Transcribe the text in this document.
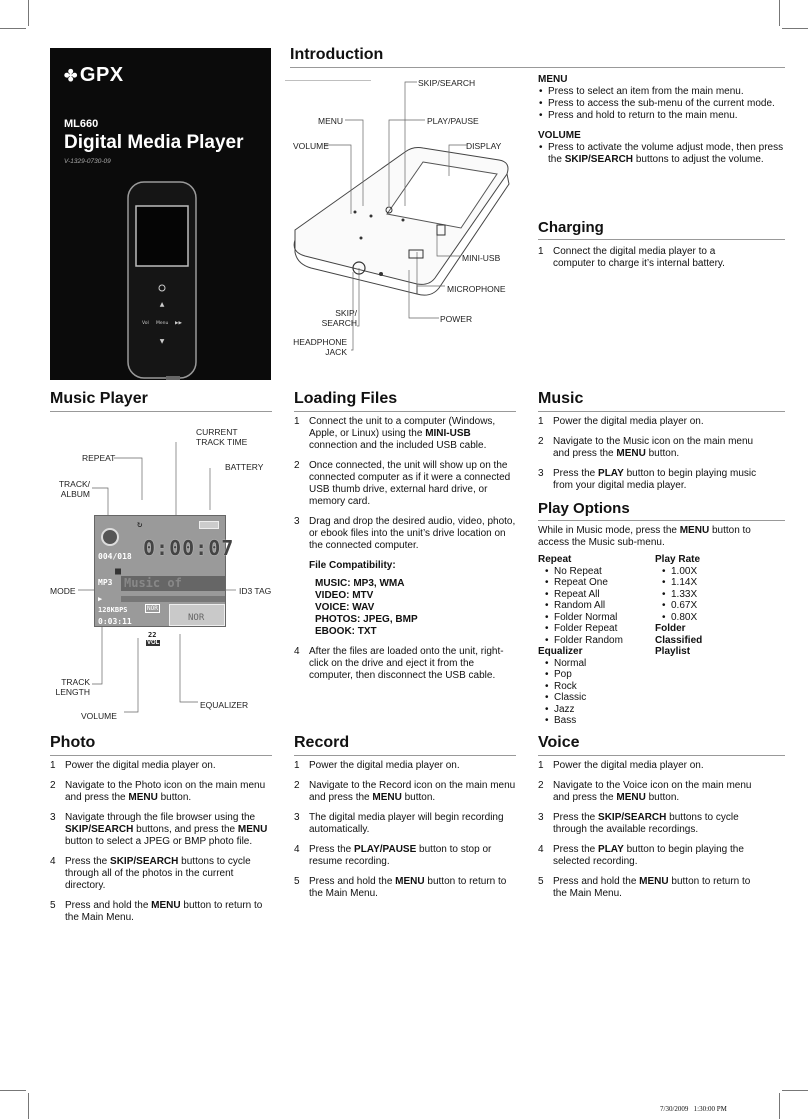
✤ GPX
ML660
Digital Media Player
V-1329-0730-09
▲
Vol Menu ▶▶
▼
Introduction
SKIP/SEARCH
MENU	PLAY/PAUSE
VOLUME	DISPLAY
MINI-USB
MICROPHONE
SKIP/
SEARCH	POWER
HEADPHONE
JACK
MENU
• Press to select an item from the main menu.
• Press to access the sub-menu of the current mode.
• Press and hold to return to the main menu.
VOLUME
• Press to activate the volume adjust mode, then press the SKIP/SEARCH buttons to adjust the volume.
Charging
1 Connect the digital media player to a computer to charge it’s internal battery.
Music Player
CURRENT
TRACK TIME
REPEAT
BATTERY
TRACK/
ALBUM
MODE	ID3 TAG
TRACK
LENGTH
EQUALIZER
VOLUME
↻
0:00:07
004/018
■
MP3 Music of
▶
128KBPS	NOR
0:03:11	NOR
22
VOL
Loading Files
1 Connect the unit to a computer (Windows, Apple, or Linux) using the MINI-USB connection and the included USB cable.
2 Once connected, the unit will show up on the connected computer as if it were a connected USB thumb drive, external hard drive, or memory card.
3 Drag and drop the desired audio, video, photo, or ebook files into the unit’s drive location on the connected computer.
File Compatibility:
MUSIC: MP3, WMA
VIDEO: MTV
VOICE: WAV
PHOTOS: JPEG, BMP
EBOOK: TXT
4 After the files are loaded onto the unit, right-click on the drive and eject it from the computer, then disconnect the USB cable.
Music
1 Power the digital media player on.
2 Navigate to the Music icon on the main menu and press the MENU button.
3 Press the PLAY button to begin playing music from your digital media player.
Play Options
While in Music mode, press the MENU button to access the Music sub-menu.
Repeat
• No Repeat
• Repeat One
• Repeat All
• Random All
• Folder Normal
• Folder Repeat
• Folder Random
Equalizer
• Normal
• Pop
• Rock
• Classic
• Jazz
• Bass
Play Rate
• 1.00X
• 1.14X
• 1.33X
• 0.67X
• 0.80X
Folder
Classified
Playlist
Photo
1 Power the digital media player on.
2 Navigate to the Photo icon on the main menu and press the MENU button.
3 Navigate through the file browser using the SKIP/SEARCH buttons, and press the MENU button to select a JPEG or BMP photo file.
4 Press the SKIP/SEARCH buttons to cycle through all of the photos in the current directory.
5 Press and hold the MENU button to return to the Main Menu.
Record
1 Power the digital media player on.
2 Navigate to the Record icon on the main menu and press the MENU button.
3 The digital media player will begin recording automatically.
4 Press the PLAY/PAUSE button to stop or resume recording.
5 Press and hold the MENU button to return to the Main Menu.
Voice
1 Power the digital media player on.
2 Navigate to the Voice icon on the main menu and press the MENU button.
3 Press the SKIP/SEARCH buttons to cycle through the available recordings.
4 Press the PLAY button to begin playing the selected recording.
5 Press and hold the MENU button to return to the Main Menu.
7/30/2009   1:30:00 PM
